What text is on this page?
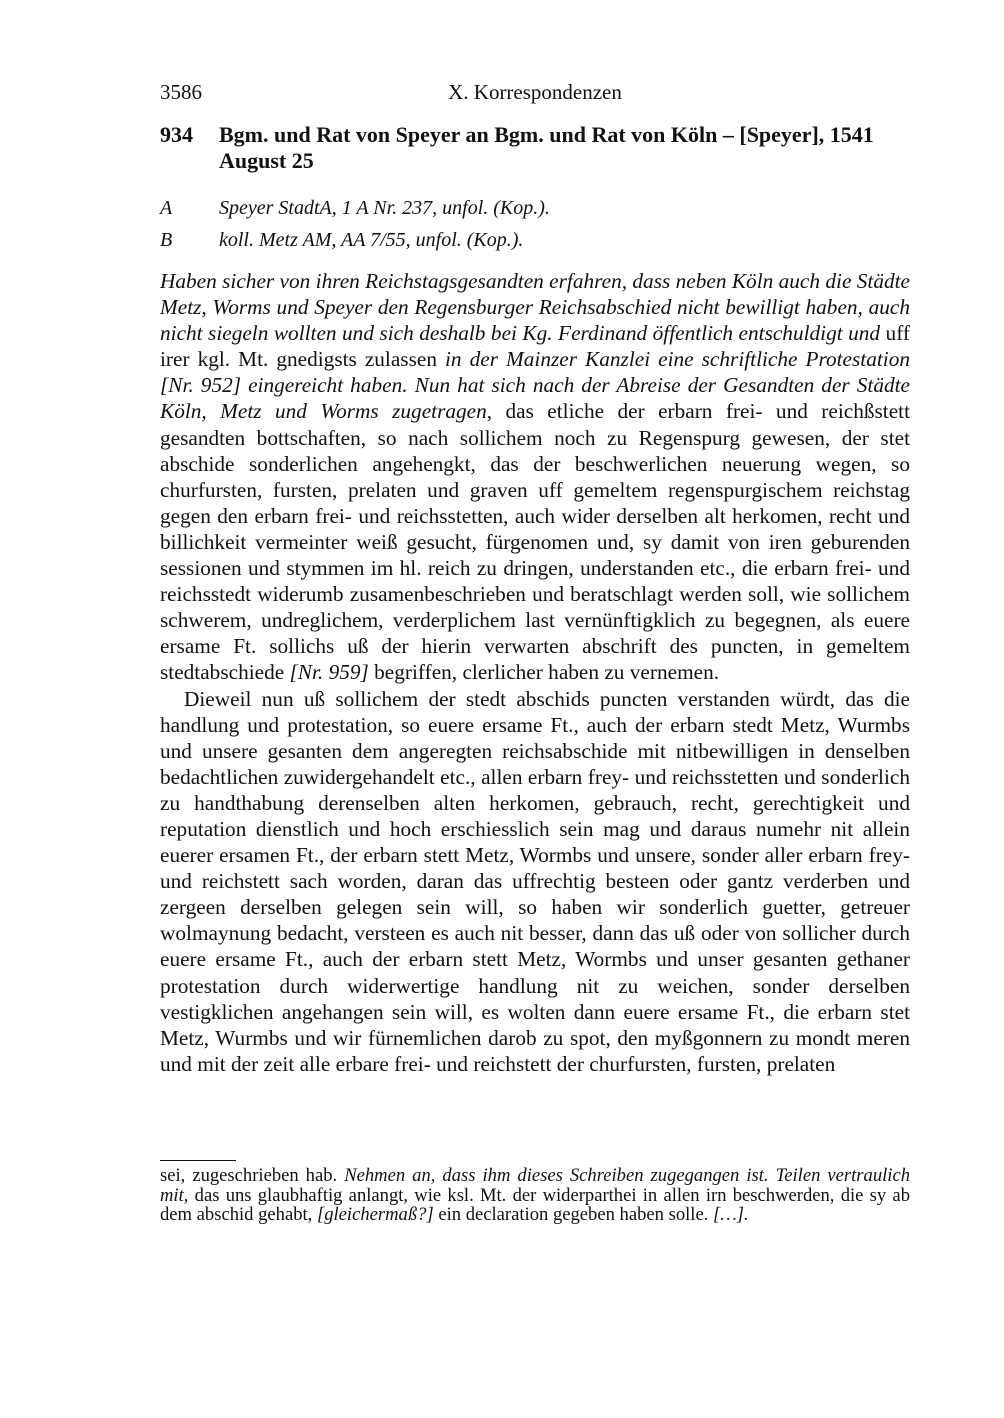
3586	X. Korrespondenzen
934 Bgm. und Rat von Speyer an Bgm. und Rat von Köln – [Speyer], 1541 August 25
A Speyer StadtA, 1 A Nr. 237, unfol. (Kop.).
B koll. Metz AM, AA 7/55, unfol. (Kop.).

Haben sicher von ihren Reichstagsgesandten erfahren, dass neben Köln auch die Städte Metz, Worms und Speyer den Regensburger Reichsabschied nicht bewilligt haben, auch nicht siegeln wollten und sich deshalb bei Kg. Ferdinand öffentlich entschuldigt und uff irer kgl. Mt. gnedigsts zulassen in der Mainzer Kanzlei eine schriftliche Protestation [Nr. 952] eingereicht haben. Nun hat sich nach der Abreise der Gesandten der Städte Köln, Metz und Worms zugetragen, das etliche der erbarn frei- und reichßstett gesandten bottschaften, so nach sollichem noch zu Regenspurg gewesen, der stet abschide sonderlichen angehengkt, das der beschwerlichen neuerung wegen, so churfursten, fursten, prelaten und graven uff gemeltem regenspurgischem reichstag gegen den erbarn frei- und reichsstetten, auch wider derselben alt herkomen, recht und billichkeit vermeinter weiß gesucht, fürgenomen und, sy damit von iren geburenden sessionen und stymmen im hl. reich zu dringen, understanden etc., die erbarn frei- und reichsstedt widerumb zusamenbeschrieben und beratschlagt werden soll, wie sollichem schwerem, undreglichem, verderplichem last vernünftigklich zu begegnen, als euere ersame Ft. sollichs uß der hierin verwarten abschrift des puncten, in gemeltem stedtabschiede [Nr. 959] begriffen, clerlicher haben zu vernemen.

Dieweil nun uß sollichem der stedt abschids puncten verstanden würdt, das die handlung und protestation, so euere ersame Ft., auch der erbarn stedt Metz, Wurmbs und unsere gesanten dem angeregten reichsabschide mit nitbewilligen in denselben bedachtlichen zuwidergehandelt etc., allen erbarn frey- und reichsstetten und sonderlich zu handthabung derenselben alten herkomen, gebrauch, recht, gerechtigkeit und reputation dienstlich und hoch erschiesslich sein mag und daraus numehr nit allein euerer ersamen Ft., der erbarn stett Metz, Wormbs und unsere, sonder aller erbarn frey- und reichstett sach worden, daran das uffrechtig besteen oder gantz verderben und zergeen derselben gelegen sein will, so haben wir sonderlich guetter, getreuer wolmaynung bedacht, versteen es auch nit besser, dann das uß oder von sollicher durch euere ersame Ft., auch der erbarn stett Metz, Wormbs und unser gesanten gethaner protestation durch widerwertige handlung nit zu weichen, sonder derselben vestigklichen angehangen sein will, es wolten dann euere ersame Ft., die erbarn stet Metz, Wurmbs und wir fürnemlichen darob zu spot, den myßgonnern zu mondt meren und mit der zeit alle erbare frei- und reichstett der churfursten, fursten, prelaten

sei, zugeschrieben hab. Nehmen an, dass ihm dieses Schreiben zugegangen ist. Teilen vertraulich mit, das uns glaubhaftig anlangt, wie ksl. Mt. der widerparthei in allen irn beschwerden, die sy ab dem abschid gehabt, [gleichermaß?] ein declaration gegeben haben solle. […].
